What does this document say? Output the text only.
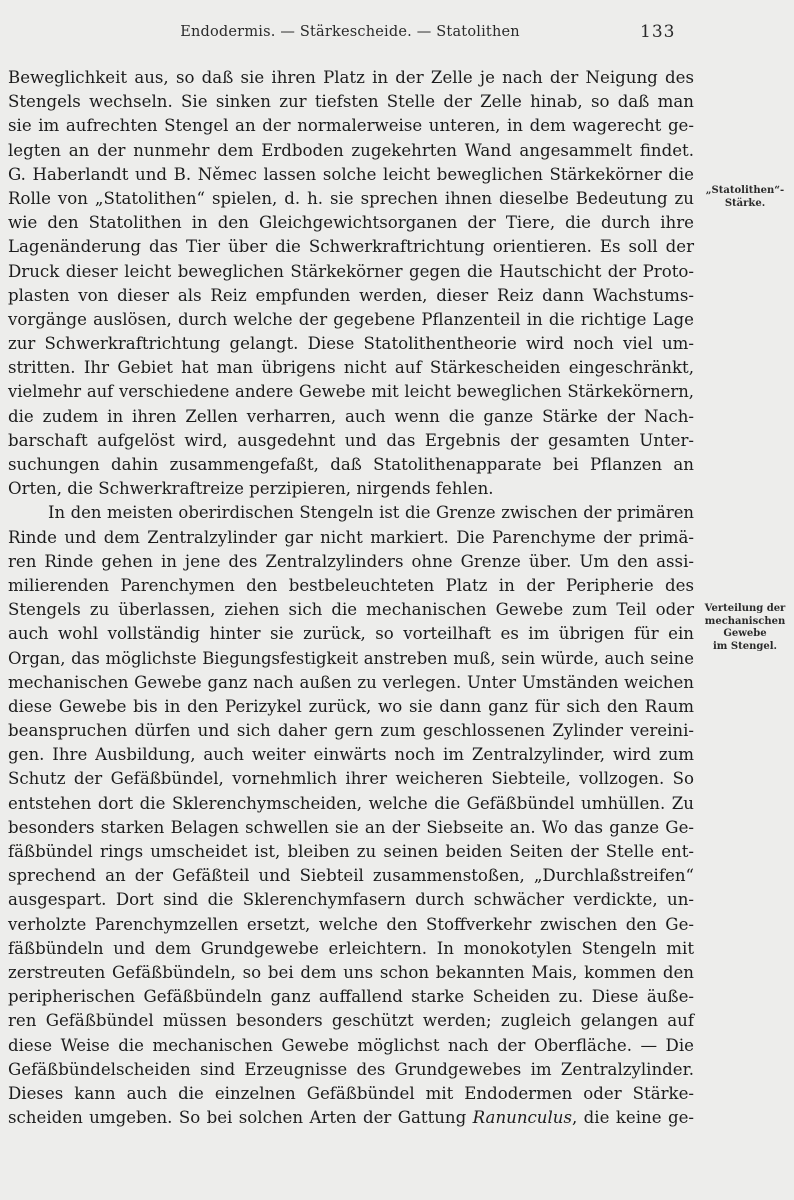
Endodermis. — Stärkescheide. — Statolithen	133
„Statolithen“-
Stärke.
Verteilung der
mechanischen
Gewebe
im Stengel.
Beweglichkeit aus, so daß sie ihren Platz in der Zelle je nach der Neigung des
Stengels wechseln. Sie sinken zur tiefsten Stelle der Zelle hinab, so daß man
sie im aufrechten Stengel an der normalerweise unteren, in dem wagerecht ge-
legten an der nunmehr dem Erdboden zugekehrten Wand angesammelt findet.
G. Haberlandt und B. Němec lassen solche leicht beweglichen Stärkekörner die
Rolle von „Statolithen“ spielen, d. h. sie sprechen ihnen dieselbe Bedeutung zu
wie den Statolithen in den Gleichgewichtsorganen der Tiere, die durch ihre
Lagenänderung das Tier über die Schwerkraftrichtung orientieren. Es soll der
Druck dieser leicht beweglichen Stärkekörner gegen die Hautschicht der Proto-
plasten von dieser als Reiz empfunden werden, dieser Reiz dann Wachstums-
vorgänge auslösen, durch welche der gegebene Pflanzenteil in die richtige Lage
zur Schwerkraftrichtung gelangt. Diese Statolithentheorie wird noch viel um-
stritten. Ihr Gebiet hat man übrigens nicht auf Stärkescheiden eingeschränkt,
vielmehr auf verschiedene andere Gewebe mit leicht beweglichen Stärkekörnern,
die zudem in ihren Zellen verharren, auch wenn die ganze Stärke der Nach-
barschaft aufgelöst wird, ausgedehnt und das Ergebnis der gesamten Unter-
suchungen dahin zusammengefaßt, daß Statolithenapparate bei Pflanzen an
Orten, die Schwerkraftreize perzipieren, nirgends fehlen.
In den meisten oberirdischen Stengeln ist die Grenze zwischen der primären
Rinde und dem Zentralzylinder gar nicht markiert. Die Parenchyme der primä-
ren Rinde gehen in jene des Zentralzylinders ohne Grenze über. Um den assi-
milierenden Parenchymen den bestbeleuchteten Platz in der Peripherie des
Stengels zu überlassen, ziehen sich die mechanischen Gewebe zum Teil oder
auch wohl vollständig hinter sie zurück, so vorteilhaft es im übrigen für ein
Organ, das möglichste Biegungsfestigkeit anstreben muß, sein würde, auch seine
mechanischen Gewebe ganz nach außen zu verlegen. Unter Umständen weichen
diese Gewebe bis in den Perizykel zurück, wo sie dann ganz für sich den Raum
beanspruchen dürfen und sich daher gern zum geschlossenen Zylinder vereini-
gen. Ihre Ausbildung, auch weiter einwärts noch im Zentralzylinder, wird zum
Schutz der Gefäßbündel, vornehmlich ihrer weicheren Siebteile, vollzogen. So
entstehen dort die Sklerenchymscheiden, welche die Gefäßbündel umhüllen. Zu
besonders starken Belagen schwellen sie an der Siebseite an. Wo das ganze Ge-
fäßbündel rings umscheidet ist, bleiben zu seinen beiden Seiten der Stelle ent-
sprechend an der Gefäßteil und Siebteil zusammenstoßen, „Durchlaßstreifen“
ausgespart. Dort sind die Sklerenchymfasern durch schwächer verdickte, un-
verholzte Parenchymzellen ersetzt, welche den Stoffverkehr zwischen den Ge-
fäßbündeln und dem Grundgewebe erleichtern. In monokotylen Stengeln mit
zerstreuten Gefäßbündeln, so bei dem uns schon bekannten Mais, kommen den
peripherischen Gefäßbündeln ganz auffallend starke Scheiden zu. Diese äuße-
ren Gefäßbündel müssen besonders geschützt werden; zugleich gelangen auf
diese Weise die mechanischen Gewebe möglichst nach der Oberfläche. — Die
Gefäßbündelscheiden sind Erzeugnisse des Grundgewebes im Zentralzylinder.
Dieses kann auch die einzelnen Gefäßbündel mit Endodermen oder Stärke-
scheiden umgeben. So bei solchen Arten der Gattung Ranunculus, die keine ge-
